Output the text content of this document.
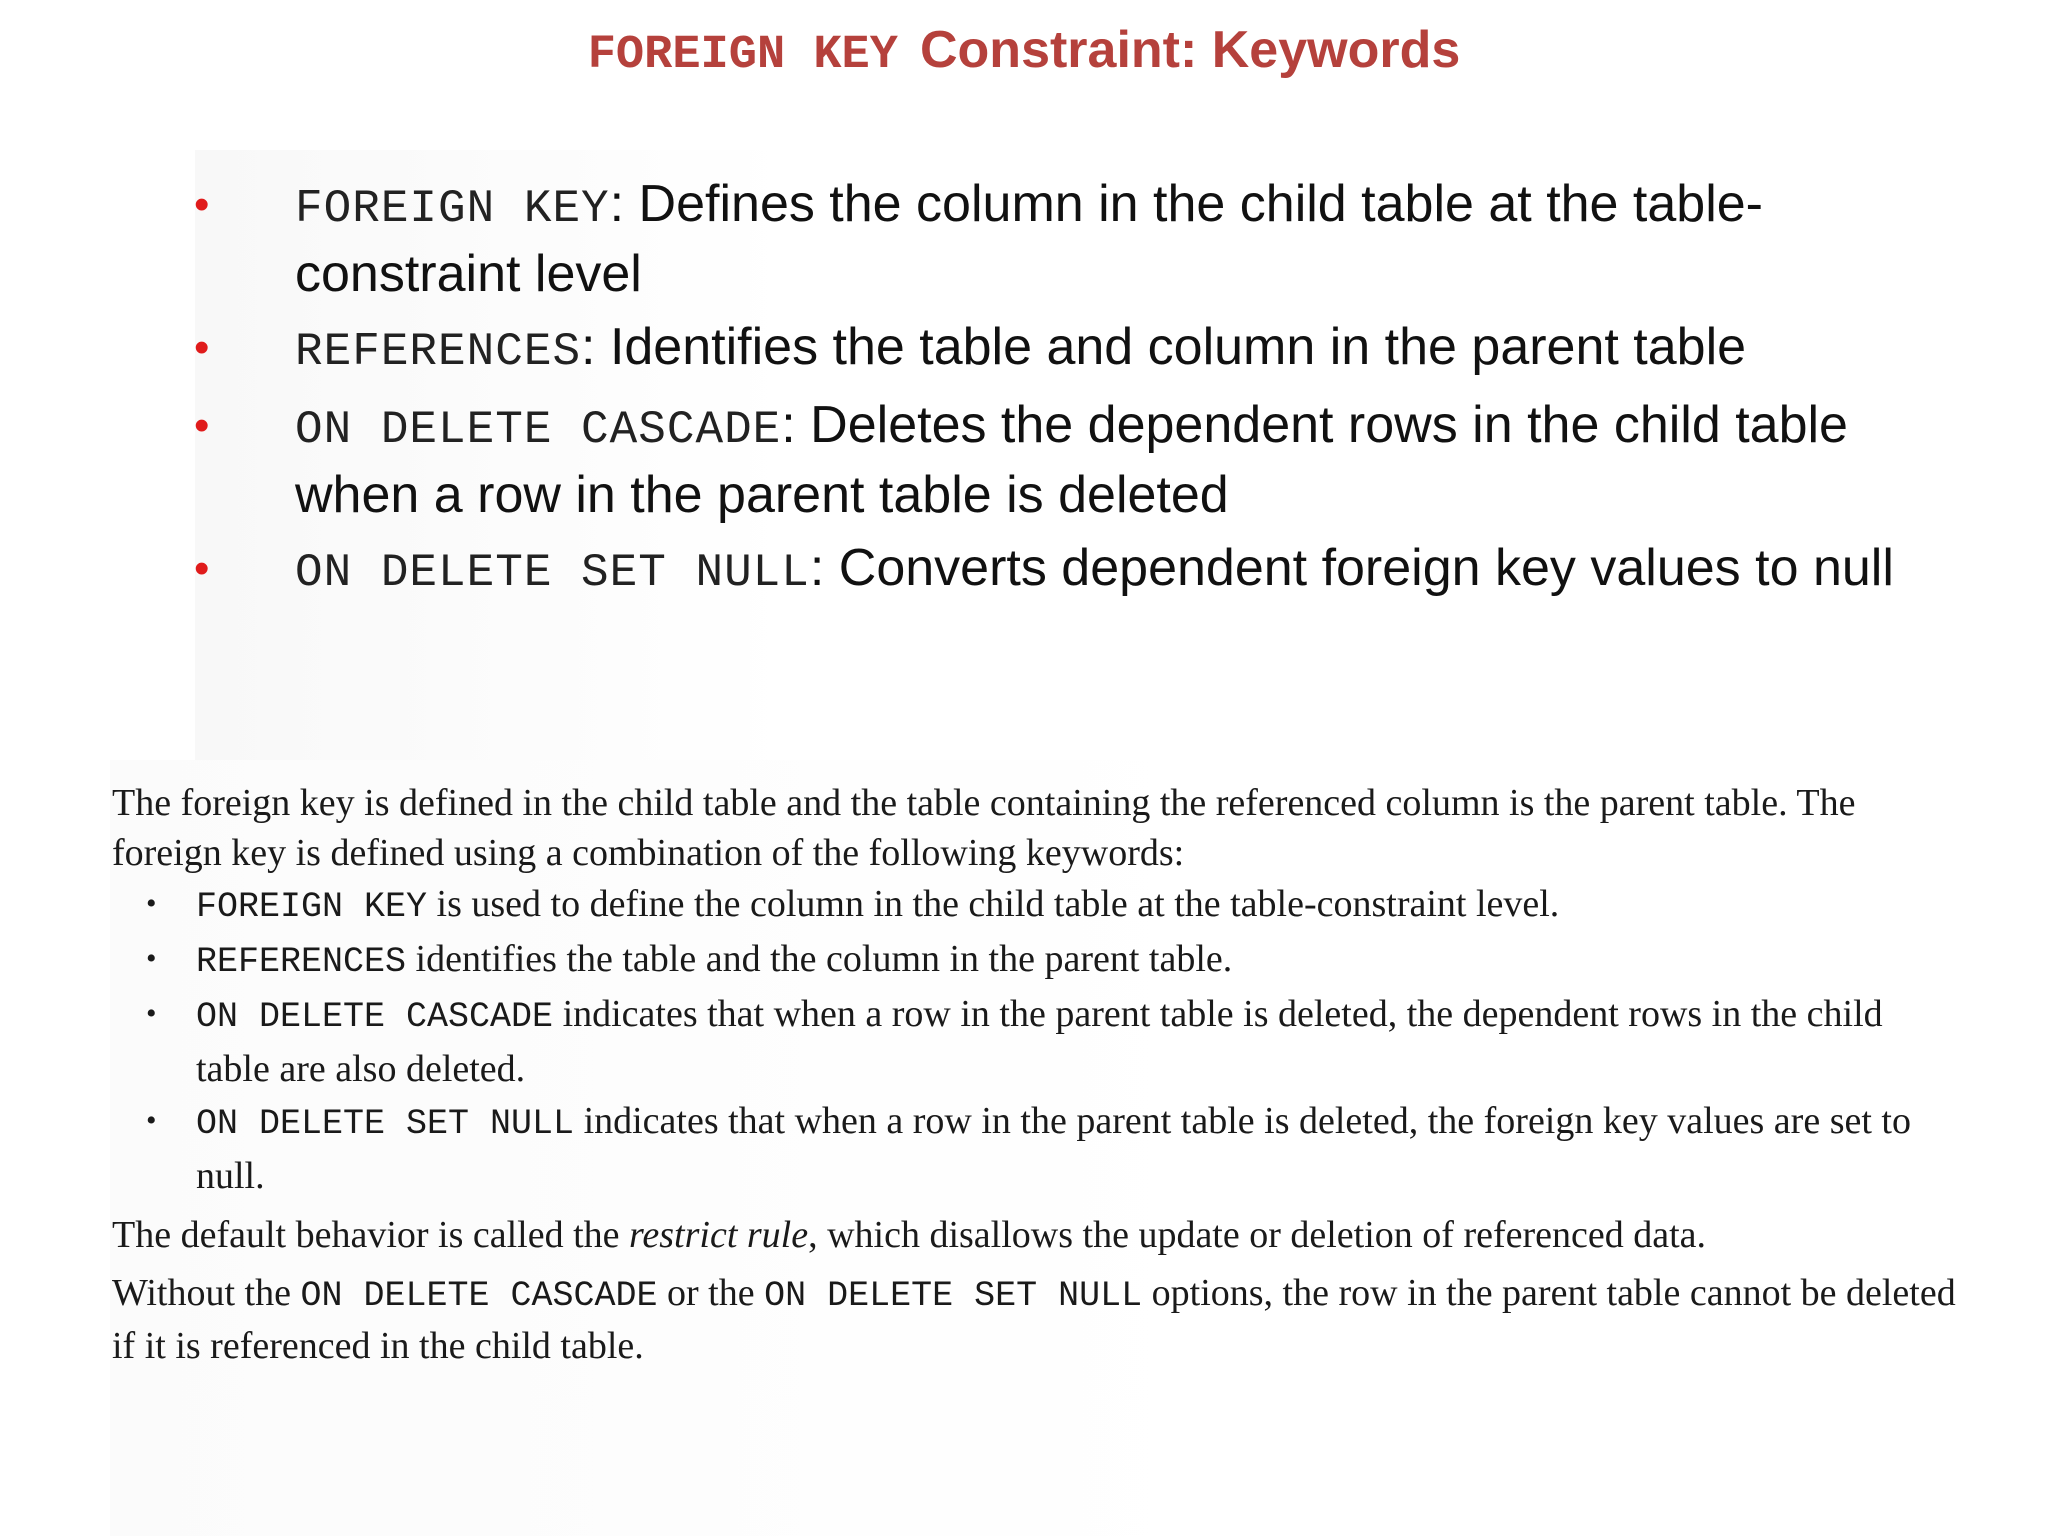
FOREIGN KEY Constraint: Keywords
• FOREIGN KEY: Defines the column in the child table at the table-constraint level
• REFERENCES: Identifies the table and column in the parent table
• ON DELETE CASCADE: Deletes the dependent rows in the child table when a row in the parent table is deleted
• ON DELETE SET NULL: Converts dependent foreign key values to null

The foreign key is defined in the child table and the table containing the referenced column is the parent table. The foreign key is defined using a combination of the following keywords:

• FOREIGN KEY is used to define the column in the child table at the table-constraint level.
• REFERENCES identifies the table and the column in the parent table.
• ON DELETE CASCADE indicates that when a row in the parent table is deleted, the dependent rows in the child table are also deleted.
• ON DELETE SET NULL indicates that when a row in the parent table is deleted, the foreign key values are set to null.

The default behavior is called the restrict rule, which disallows the update or deletion of referenced data.

Without the ON DELETE CASCADE or the ON DELETE SET NULL options, the row in the parent table cannot be deleted if it is referenced in the child table.
